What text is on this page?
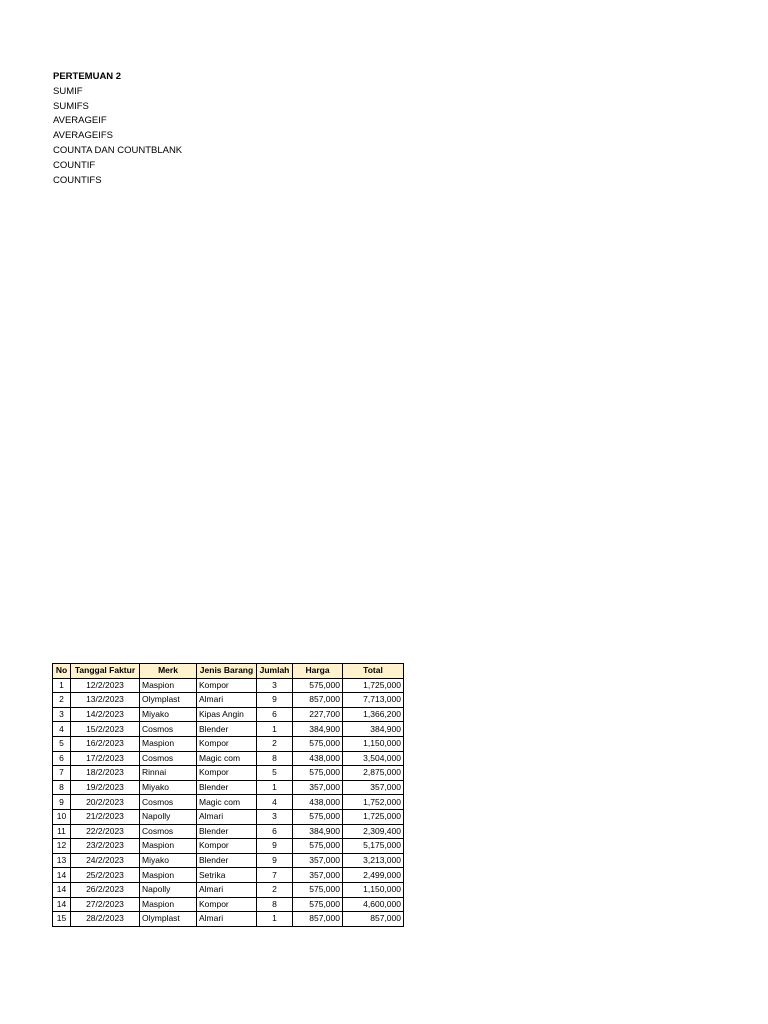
PERTEMUAN 2
SUMIF
SUMIFS
AVERAGEIF
AVERAGEIFS
COUNTA DAN COUNTBLANK
COUNTIF
COUNTIFS
No	Tanggal Faktur	Merk	Jenis Barang	Jumlah	Harga	Total
1	12/2/2023	Maspion	Kompor	3	575,000	1,725,000
2	13/2/2023	Olymplast	Almari	9	857,000	7,713,000
3	14/2/2023	Miyako	Kipas Angin	6	227,700	1,366,200
4	15/2/2023	Cosmos	Blender	1	384,900	384,900
5	16/2/2023	Maspion	Kompor	2	575,000	1,150,000
6	17/2/2023	Cosmos	Magic com	8	438,000	3,504,000
7	18/2/2023	Rinnai	Kompor	5	575,000	2,875,000
8	19/2/2023	Miyako	Blender	1	357,000	357,000
9	20/2/2023	Cosmos	Magic com	4	438,000	1,752,000
10	21/2/2023	Napolly	Almari	3	575,000	1,725,000
11	22/2/2023	Cosmos	Blender	6	384,900	2,309,400
12	23/2/2023	Maspion	Kompor	9	575,000	5,175,000
13	24/2/2023	Miyako	Blender	9	357,000	3,213,000
14	25/2/2023	Maspion	Setrika	7	357,000	2,499,000
14	26/2/2023	Napolly	Almari	2	575,000	1,150,000
14	27/2/2023	Maspion	Kompor	8	575,000	4,600,000
15	28/2/2023	Olymplast	Almari	1	857,000	857,000
